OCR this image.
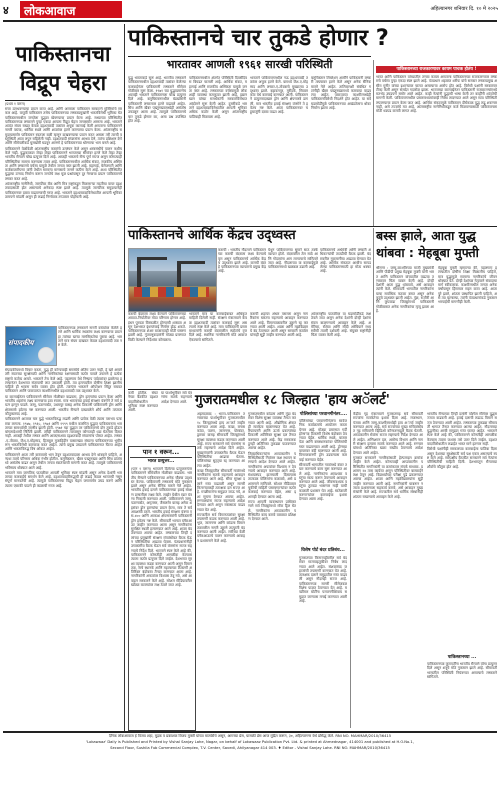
४ लोकआवाज	अहिल्यानगर शनिवार दि. १० मे २०२५
पाकिस्तानचा विद्रूप चेहरा
(प्रथम १ वरून)

सत्ता उलथवण्याचा प्रयत्न करत आहे. आणि अमराला पाकिस्तान सरकारने मुस्लिमांचे सरकार आहे. यापूर्वी पाकिस्तान तसेच पाकिस्तानच्या लष्करप्रमुखांनी भारतविरोधी भूमिका घेत पाकिस्तानमधील जनतेला युद्धात खेचण्याचा प्रयत्न केला आहे. सध्याच्या परिस्थितीत पाकिस्तानच्या लष्कराने पुन्हा एकदा आपला विद्रूप चेहरा जगासमोर आणला आहे. भारताने अत्यंत संयम राखत केवळ दहशतवादी तळांवर अचूक कारवाई केली असताना पाकिस्तानने नागरी वस्त्या, धार्मिक स्थळे आणि शाळांवर हल्ले करण्याचा प्रयत्न केला. आंतरराष्ट्रीय समुदायासमोर पाकिस्तान स्वतःला बळी म्हणून दाखवण्याचा प्रयत्न करत असला तरी त्याची वस्तुस्थिती आता लपून राहिलेली नाही. दहशतवादी संघटनांना आश्रय देणे, त्यांना प्रशिक्षण देणे आणि सीमेपलीकडे घुसखोरी घडवून आणणे हे पाकिस्तानच्या धोरणाचा भाग बनले आहे.

पाकिस्तानने वेळोवेळी आंतरराष्ट्रीय करारांचे उल्लंघन केले असून शस्त्रसंधीचे पालन कधीच केले नाही. युद्धकाळात जेव्हा जेव्हा पाकिस्तानने भारताच्या सीमांवर हल्ले केले तेव्हा तेव्हा भारतीय सैन्याने चोख प्रत्युत्तर दिले आहे. आजही भारताचे सैन्य पूर्ण सज्ज असून कोणत्याही परिस्थितीचा सामना करण्यास तयार आहे. पाकिस्तानमधील आर्थिक संकट, राजकीय अस्थिरता आणि लष्कराचे वर्चस्व यामुळे तेथील जनता त्रस्त झाली आहे. महागाई, बेरोजगारी आणि कर्जबाजारीपणा यांनी तेथील सामान्य माणसाचे जगणे कठीण केले आहे. अशा परिस्थितीत युद्धाचा उन्माद निर्माण करून जनतेचे लक्ष मूळ प्रश्नांपासून दूर नेण्याचा प्रयत्न पाकिस्तानचे लष्कर करत आहे.

आंतरराष्ट्रीय नाणेनिधी, जागतिक बँक आणि मित्र राष्ट्रांकडून मिळणाऱ्या मदतीचा वापर दहशतवादासाठी होत असल्याचे अनेकदा स्पष्ट झाले आहे. त्यामुळे जागतिक समुदायानेही पाकिस्तानवर दबाव वाढवण्याची गरज आहे. भारताने दहशतवादाविरोधातील आपली भूमिका ठामपणे मांडली असून ही लढाई निर्णायक टप्प्यावर पोहोचली आहे.

संपादकीय

पाकिस्तानच्या लष्कराने नागरी वस्त्यांवर केलेले हल्ले आणि धार्मिक स्थळांना लक्ष्य करण्याचा प्रयत्न हा त्यांच्या खऱ्या मानसिकतेचा पुरावा आहे. भारताने मात्र संयम दाखवत केवळ दहशतवादी तळ नष्ट केले.

संपादकीयमध्ये विचार करता, युद्ध ही कोणत्याही समस्येचे अंतिम उत्तर नाही, हे खरे असले तरी स्वतःच्या सुरक्षेसाठी आणि नागरिकांच्या रक्षणासाठी कठोर पावले उचलणे हे प्रत्येक राष्ट्राचे कर्तव्य असते. भारताने तेच केले आहे. पहलगाम येथे निष्पाप पर्यटकांवर झालेल्या हल्ल्यानंतर देशभरात संतापाची लाट उसळली होती. त्या हल्ल्यातील दोषींना शिक्षा झालीच पाहिजे ही भावना सर्वत्र व्यक्त होत होती. त्यानंतर भारताने ऑपरेशन सिंदूर राबवत पाकिस्तान आणि पाकव्याप्त काश्मीरमधील दहशतवादी तळ उद्ध्वस्त केले.

या कारवाईनंतर पाकिस्तानने सीमेवर गोळीबार वाढवला, ड्रोन हल्ल्यांचा प्रयत्न केला आणि भारतीय शहरांना लक्ष्य करण्याचा डाव रचला. मात्र भारताच्या हवाई संरक्षण यंत्रणेने ते सर्व प्रयत्न हाणून पाडले. जम्मू, पठाणकोट, उधमपूर यासह अनेक ठिकाणी पाकिस्तानी ड्रोन आणि क्षेपणास्त्रे हवेतच नष्ट करण्यात आली. भारतीय सैन्याने दाखवलेले शौर्य आणि तत्परता कौतुकास्पद आहे.

पाकिस्तानने आजवर चार युद्धे भारताविरुद्ध लढली आणि प्रत्येक वेळी त्याला पराभव पत्करावा लागला. १९४७, १९६५, १९७१ आणि १९९९ मधील कारगिल युद्धात पाकिस्तानला भारताच्या सामर्थ्याची जाणीव झाली होती. १९७१ च्या युद्धात तर पाकिस्तानचे दोन तुकडे होऊन बांगलादेशाची निर्मिती झाली. तरीही पाकिस्तानने त्यापासून कोणताही धडा घेतलेला दिसत नाही. आजही तेथील लष्कर आणि आयएसआय दहशतवादी संघटनांना पोसत आहेत. लष्कर-ए-तोयबा, जैश-ए-मोहम्मद, हिजबुल मुजाहिदीन यासारख्या संघटना पाकिस्तानच्या भूमीवरून भारतविरोधी कारवाया करत आहेत. त्यांचे प्रमुख उघडपणे पाकिस्तानात फिरत आहेत आणि भारताविरुद्ध विष ओकत आहेत.

पाकिस्तानने आता तरी वास्तवाचे भान ठेवून दहशतवादाला आश्रय देणे थांबवले पाहिजे, अन्यथा त्याचे परिणाम अधिक गंभीर होतील. बलुचिस्तान, खैबर पख्तूनख्वा आणि सिंध प्रांतांमध्ये असंतोष वाढत असून तेथील जनता स्वातंत्र्याची मागणी करत आहे. त्यामुळे पाकिस्तानचे भविष्यच धोक्यात आले आहे.

भारताने मात्र जागतिक पातळीवर आपली भूमिका स्पष्ट मांडली असून अनेक देशांनी भारताच्या कारवाईचे समर्थन केले आहे. दहशतवादाविरुद्धची ही लढाई केवळ भारताची नसून संपूर्ण मानवतेची आहे. त्यामुळे पाकिस्तानचा विद्रूप चेहरा जगासमोर उघड करणे आणि त्याला एकाकी पाडणे ही काळाची गरज आहे.

पाकिस्तानचे चार तुकडे होणार ?
भारतावर आणली १९६१ सारखी परिस्थिती

युद्ध भारताकडे सुरू आहे. भारतीय लष्कराने पाकिस्तानमधील दहशतवादी तळांवर केलेल्या कारवाईनंतर पाकिस्तानी लष्कराने सीमेवर गोळीबार सुरू केला. १९७१ च्या युद्धाप्रमाणेच आताही भारताने पाकिस्तानला चोख प्रत्युत्तर दिले आहे. बलुचिस्तानमधील बंडखोरांनी पाकिस्तानी लष्करावर हल्ले वाढवले आहेत. सिंध आणि खैबर पख्तूनख्वामध्येही असंतोष उफाळून आला आहे. त्यामुळे पाकिस्तानचे चार तुकडे होणार का, असा प्रश्न उपस्थित होत आहे.

पाकिस्तानमधील अंतर्गत परिस्थिती दिवसेंदिवस बिघडत चालली आहे. आर्थिक संकट, महागाई आणि राजकीय अस्थिरता यामुळे जनता त्रस्त आहे. लष्कराच्या वर्चस्वामुळे लोकशाही व्यवस्था कमकुवत झाली आहे. इम्रान खान यांच्या समर्थकांनी सरकारविरोधात आंदोलने सुरू केली आहेत. दुसरीकडे भारताने दहशतवादाविरोधातील आपली भूमिका अधिक कठोर केली असून आंतरराष्ट्रीय पाठिंबाही मिळवला आहे.

भारताने पाकिस्तानमधील नऊ दहशतवादी तळांवर अचूक हल्ले केले. यामध्ये जैश-ए-मोहम्मद आणि लष्कर-ए-तोयबाचे मुख्यालय उद्ध्वस्त झाले. बहावलपूर, मुरीदके, सियालकोट येथे कारवाई करण्यात आली. पाकिस्तानने प्रत्युत्तरादाखल ड्रोन आणि क्षेपणास्त्रे डागली, मात्र भारतीय हवाई संरक्षण यंत्रणेने ते हवेतच नष्ट केले. आता पाकिस्तानवर चहूबाजूंनी दबाव वाढत आहे.

बलुचिस्तान लिबरेशन आर्मीने पाकिस्तानी लष्करी ताफ्यावर हल्ले केले असून अनेक सैनिक मारले गेले आहेत. तालिबानशी संबंधित गटांनीही खैबर पख्तूनख्वामध्ये कारवाया वाढवल्या आहेत. पाकव्याप्त काश्मीरमध्येही पाकिस्तानविरोधी निदर्शने होत आहेत. या सर्व घडामोडींमुळे पाकिस्तानच्या अखंडतेलाच धोका निर्माण झाला आहे.

पाकिस्तानच्या राजकारणावर कायम पाचक होतंय !

भारत आणि पाकिस्तान यांच्यातील तणाव कायम असताना पाकिस्तानच्या राजकारणावर लष्कराचे वर्चस्व पुन्हा एकदा स्पष्ट झाले आहे. पंतप्रधान शहबाज शरीफ यांचे सरकार लष्करप्रमुख असीम मुनीर यांच्या इशाऱ्यावर चालत असल्याचा आरोप होत आहे. विरोधी पक्षांनी सरकारवर टीका केली असून संसदेत गदारोळ झाला. भारताच्या कारवाईनंतर पाकिस्तानी राजकारण्यांमध्ये मतभेद उघडपणे समोर आले आहेत. काही नेत्यांनी युद्धाची भाषा केली तर काहींनी शांततेची मागणी केली. पाकिस्तानमधील प्रसारमाध्यमांवरही निर्बंध लादण्यात आले असून सत्य परिस्थिती लपवण्याचा प्रयत्न केला जात आहे. आर्थिक संकटामुळे पाकिस्तान दीर्घकाळ युद्ध लढू शकणार नाही, असे तज्ज्ञांचे मत आहे. आंतरराष्ट्रीय नाणेनिधीकडून कर्ज मिळवण्यासाठी पाकिस्तानला मोठी धडपड करावी लागत आहे.

पाकिस्तानचे आर्थिक केंद्रच उद्ध्वस्त

कराची : भारतीय नौदलाने पाकिस्तानच्या कराची बंदराला लक्ष्य केल्याचे वृत्त असून पाकिस्तानचे आर्थिक केंद्रच उद्ध्वस्त झाले आहे. कराची बंदर हे पाकिस्तानच्या व्यापाराचे प्रमुख केंद्र आहे.

येथून पाकिस्तानचा सुमारे साठ टक्के व्यापार होतो. बंदरावरील तेल साठे आणि गोदामांना आग लागल्याचे सांगितले जात आहे. नौदलाच्या या कारवाईमुळे पाकिस्तानमध्ये खळबळ उडाली आहे.

पाकिस्तानचे अर्थमंत्री आणि लष्करी अधिकाऱ्यांची तातडीची बैठक झाली. बंदरावरील नुकसानीचा आढावा घेण्यात येत आहे. आर्थिक संकटात आधीच सापडलेल्या पाकिस्तानसाठी हा मोठा धक्का आहे.

कराची बंदराला लक्ष्य केल्याने पाकिस्तानच्या आयात-निर्यातीवर मोठा परिणाम होणार आहे. इंधन पुरवठा विस्कळीत होण्याची शक्यता असून देशभरात इंधनटंचाई निर्माण होऊ शकते. पाकिस्तानच्या शेअर बाजारातही मोठी घसरण झाली आहे. गुंतवणूकदारांनी मोठ्या प्रमाणात विक्री केल्याने निर्देशांक कोसळला.

भारताने मात्र या कारवाईबाबत अधिकृत माहिती दिलेली नाही. संरक्षण मंत्रालयाने केवळ दहशतवादी तळांवर कारवाई सुरू असल्याचे स्पष्ट केले आहे. मात्र पाकिस्तानी प्रसारमाध्यमांनी कराची बंदरावरील स्फोटांचे वृत्त दिले आहे. स्थानिक नागरिकांनी मोठे आवाज ऐकल्याचे सांगितले.

कराची शहरात अंधार पसरला असून नागरिकांना घरातच राहण्याचे आवाहन करण्यात आले आहे. विमानतळावरील उड्डाणे रद्द करण्यात आली आहेत. शाळा आणि महाविद्यालये बंद ठेवण्यात आली असून सरकारी कार्यालयांनाही सुट्टी जाहीर करण्यात आली आहे.

आंतरराष्ट्रीय पातळीवर या घडामोडींकडे लक्ष ठेवले जात असून अनेक देशांनी दोन्ही देशांना संयम बाळगण्याचे आवाहन केले आहे. अमेरिका, रशिया आणि सौदी अरेबियाने मध्यस्थीची तयारी दर्शवली आहे. संयुक्त राष्ट्रांनीही चिंता व्यक्त केली आहे.

बस्स झाले, आता युद्ध थांबवा : मेहबूबा मुफ्ती

श्रीनगर : जम्मू-काश्मीरच्या माजी मुख्यमंत्री आणि पीडीपी प्रमुख मेहबूबा मुफ्ती यांनी भारत आणि पाकिस्तान यांच्यातील वाढत्या तणावावर चिंता व्यक्त केली आहे. दोन्ही देशांनी आता युद्ध थांबवावे, असे आवाहन त्यांनी केले. सीमावर्ती भागातील नागरिकांना याचा सर्वाधिक फटका बसत असून अनेक कुटुंबे उद्ध्वस्त झाली आहेत. पूंछ, राजौरी आणि कुपवाडा जिल्ह्यांमध्ये पाकिस्तानी गोळीबारात अनेक नागरिकांचा मृत्यू झाला आहे.

मेहबूबा मुफ्ती म्हणाल्या की, पहलगाम हल्ल्यातील दोषींना शिक्षा मिळालीच पाहिजे, मात्र युद्धामुळे सामान्य नागरिकांचे जीवन धोक्यात येते. दोन्ही देशांच्या नेतृत्वाने संवादाचा मार्ग स्वीकारावा. काश्मीरमधील जनता अनेक वर्षांपासून हिंसाचार सहन करत आहे. आता पुरे झाले, शांतता प्रस्थापित झाली पाहिजे, असे त्या म्हणाल्या. त्यांनी पंतप्रधानांकडे नुकसानभरपाईची मागणीही केली.

गुजरातमधील १८ जिल्हात 'हाय अॅलर्ट'

कमी होतील. संघटनेच्या बैठकीत दहशतवादाविरोधातील भूमिका स्पष्ट करण्यात आली.

या पार्श्वभूमीवर सर्व यंत्रणांना सतर्क राहण्याचे आदेश देण्यात आले.

पान १ वरून...
भारत प्रत्युत्तर...

(पान १ वरून) भारताने दिलेल्या प्रत्युत्तरानंतर पाकिस्तानने सीमेवरील गोळीबार वाढवला. भारतीय सैन्याने पाकिस्तानच्या अनेक चौक्या उद्ध्वस्त केल्या. पाकिस्तानी लष्कराचे मोठे नुकसान झाले असून अनेक सैनिक मारले गेले आहेत. भारतीय हवाई दलाने पाकिस्तानच्या हवाई संरक्षण प्रणालीला लक्ष्य केले. लाहोर येथील रडार यंत्रणा निकामी करण्यात आली. पाकिस्तानने जम्मू, पठाणकोट, अमृतसर, जैसलमेर यासह अनेक शहरांवर ड्रोन हल्ल्यांचा प्रयत्न केला, मात्र ते सर्व अयशस्वी ठरले. भारतीय हवाई संरक्षण यंत्रणा एस-४०० आणि आकाश क्षेपणास्त्रांनी पाकिस्तानी ड्रोन हवेतच नष्ट केले. सीमावर्ती भागात ब्लॅकआउट जाहीर करण्यात आला असून नागरिकांना सुरक्षित स्थळी हलवण्यात आले आहे. शाळा बंद ठेवण्यात आल्या आहेत. लष्कराच्या तिन्ही दलांच्या प्रमुखांनी संरक्षण मंत्र्यांसोबत बैठक घेऊन परिस्थितीचा आढावा घेतला. पंतप्रधानांनीही उच्चस्तरीय बैठक घेऊन सर्व यंत्रणांना सज्ज राहण्याचे निर्देश दिले. भारताने स्पष्ट केले आहे की, पाकिस्तानने कोणतीही आगळीक केल्यास त्याला कठोर प्रत्युत्तर दिले जाईल. देशभरात सुरक्षा व्यवस्था कडक करण्यात आली असून विमानतळ, रेल्वे स्थानके आणि महत्त्वाच्या ठिकाणी अतिरिक्त बंदोबस्त तैनात करण्यात आला आहे. नागरिकांनी अफवांवर विश्वास ठेवू नये, असे आवाहन सरकारने केले आहे. सोशल मीडियावरील खोट्या बातम्यांवर लक्ष ठेवले जात आहे.

अहमदाबाद : भारत-पाकिस्तान तणावाच्या पार्श्वभूमीवर गुजरातमधील १८ जिल्ह्यांमध्ये हाय अॅलर्ट जाहीर करण्यात आला आहे. कच्छ, बनासकांठा, पाटण, जामनगर, पोरबंदर, द्वारका यासह सीमावर्ती जिल्ह्यांमध्ये सुरक्षा व्यवस्था कडक करण्यात आली आहे. राज्य सरकारने सर्व यंत्रणांना सतर्क राहण्याचे आदेश दिले आहेत. मुख्यमंत्र्यांनी उच्चस्तरीय बैठक घेऊन परिस्थितीचा आढावा घेतला. पोलिसांच्या सुट्ट्या रद्द करण्यात आल्या आहेत.

कच्छ जिल्ह्यातील सीमावर्ती गावांमध्ये नागरिकांना सतर्क राहण्याचे आवाहन करण्यात आले आहे. सीमा सुरक्षा दलाने गस्त वाढवली असून सागरी किनाऱ्यावरही तटरक्षक दल सज्ज आहे. मच्छीमारांना समुद्रात जाऊ नये, अशा सूचना देण्यात आल्या आहेत. रुग्णालयांना सज्ज राहण्याचे आदेश देण्यात आले असून रक्तसाठा वाढवण्यात येत आहे.

राज्यातील सर्व विमानतळांवर सुरक्षा तपासणी कडक करण्यात आली आहे. भुज, जामनगर आणि कांडला विमानतळावरील नागरी उड्डाणे तात्पुरती बंद करण्यात आली आहेत. रात्रीच्या वेळी ब्लॅकआउटचे पालन करण्याचे आवाहन प्रशासनाने केले आहे.

गुजरातमधील कांडला आणि मुंद्रा बंदरांवर विशेष सुरक्षा व्यवस्था तैनात करण्यात आली आहे. औद्योगिक क्षेत्रातही सतर्कता बाळगण्यात येत आहे. रिफायनरी आणि ऊर्जा प्रकल्पांच्या ठिकाणी अतिरिक्त सुरक्षा दल तैनात करण्यात आले आहे. केंद्र सरकारकडूनही अतिरिक्त तुकड्या पाठवण्यात आल्या आहेत.

जिल्हाधिकाऱ्यांना आपत्कालीन परिस्थितीसाठी नियंत्रण कक्ष स्थापन करण्याचे आदेश देण्यात आले आहेत. नागरिकांना अफवांवर विश्वास न ठेवण्याचे आवाहन करण्यात आले आहे. संशयास्पद हालचाली दिसल्यास तात्काळ पोलिसांना कळवावे, असे प्रशासनाने सांगितले. सोशल मीडियावर चुकीची माहिती पसरवणाऱ्यांवर कठोर कारवाई करण्यात येईल, असा इशाराही देण्यात आला आहे.

राज्य आपत्ती व्यवस्थापन प्राधिकरणाने सर्व जिल्ह्यांमध्ये मॉक ड्रिल घेतले. नागरिकांना आपत्कालीन परिस्थितीत काय करावे याबाबत प्रशिक्षण देण्यात आले.

पोलिसांच्या परवानगीनंतर....

पोलिसांच्या परवानगीनंतरच सार्वजनिक कार्यक्रमांचे आयोजन करता येणार आहे. मोठ्या प्रमाणात गर्दी होणाऱ्या ठिकाणी विशेष बंदोबस्त ठेवण्यात येईल. धार्मिक स्थळे, बाजारपेठा आणि बसस्थानकांवर पोलिसांची गस्त वाढवण्यात आली आहे. ड्रोनच्या वापरावर बंदी घालण्यात आली आहे. विनापरवानगी ड्रोन उडवल्यास कारवाई करण्यात येईल.

सीमावर्ती भागातील गावांमध्ये बंकर तयार करण्याचे काम सुरू करण्यात आले आहे. नागरिकांना आवश्यक वस्तूंचा साठा करून ठेवण्याचे आवाहन करण्यात आले आहे. जीवनावश्यक वस्तूंचा तुटवडा भासणार नाही याची काळजी प्रशासन घेत आहे. साठेबाजी करणाऱ्यांवर कारवाईचा इशारा देण्यात आला आहे.

विशेष पोर्ट बंदर प्रतिबंध...

गुजरातच्या किनारपट्टीवरील सर्व बंदरांवर मालवाहतुकीवर निर्बंध लादण्यात आले आहेत. संशयास्पद जहाजांची तपासणी करण्यात येत आहे. तटरक्षक दलाने समुद्रातील गस्त वाढवली असून नौदलही सज्ज आहे. पाकिस्तानच्या सागरी सीमेजवळ विशेष पाळत ठेवण्यात येत आहे. मच्छीमार बोटींना परवानगीशिवाय समुद्रात जाण्यास मनाई करण्यात आली आहे.

केंद्रीय गृह मंत्रालयाने गुजरातसह सर्व सीमावर्ती राज्यांना सतर्कतेचा इशारा दिला आहे. राजस्थान, पंजाब आणि जम्मू-काश्मीरमध्येही हाय अॅलर्ट जाहीर करण्यात आला आहे. सर्व राज्यांच्या मुख्य सचिवांसोबत गृह सचिवांनी व्हिडिओ कॉन्फरन्सद्वारे बैठक घेतली. आपत्कालीन सेवांना सज्ज राहण्याचे निर्देश देण्यात आले आहेत. अग्निशमन दल, आरोग्य विभाग आणि नागरी संरक्षण दलाला सतर्क करण्यात आले आहे. रुग्णालयांमध्ये अतिरिक्त खाटा राखीव ठेवण्याचे आदेश देण्यात आले आहेत.

गुजरात सरकारने नागरिकांसाठी हेल्पलाइन क्रमांक जाहीर केले आहेत. कोणत्याही आपत्कालीन परिस्थितीत नागरिकांनी या क्रमांकावर संपर्क साधावा. प्रशासन २४ तास कार्यरत असून परिस्थितीवर बारकाईने लक्ष ठेवून आहे. विद्यार्थ्यांच्या परीक्षा पुढे ढकलण्यात आल्या आहेत. शाळा आणि महाविद्यालयांना सुट्टी जाहीर करण्यात आली आहे. नागरिकांनी घाबरून न जाता प्रशासनाला सहकार्य करावे, असे आवाहन मुख्यमंत्र्यांनी केले आहे. राज्यातील सर्व धार्मिक संस्थांनीही शांतता राखण्याचे आवाहन केले आहे.

भारतीय सैन्याच्या तिन्ही दलांनी पश्चिम सीमेवर युद्धसज्जता वाढवली आहे. हवाई दलाची लढाऊ विमाने सज्ज ठेवण्यात आली आहेत. लष्कराच्या तुकड्या सीमावर्ती भागात तैनात करण्यात आल्या आहेत. नौदलाच्या युद्धनौका अरबी समुद्रात गस्त घालत आहेत. भारताने स्पष्ट केले आहे की, पाकिस्तानने कोणतीही आगळीक केल्यास त्याला जशास तसे उत्तर दिले जाईल. दहशतवादाविरोधातील लढाईत भारत मागे हटणार नाही.

विरोधी पक्षांनीही सरकारच्या कारवाईला पाठिंबा दिला असून देशाच्या सुरक्षेसाठी सर्व पक्ष एकत्र असल्याचे स्पष्ट केले आहे. सर्वपक्षीय बैठकीत सरकारने सर्व नेत्यांना परिस्थितीची माहिती दिली. देशभरातून सैन्याच्या शौर्याचे कौतुक होत आहे.

पाकिस्तानच्या ...

पाकिस्तानच्या कुरापतींना भारतीय सैन्याने योग्य प्रत्युत्तर दिले असून शत्रूचे मोठे नुकसान झाले आहे. सीमावर्ती भागातील परिस्थिती नियंत्रणात असल्याचे लष्कराने सांगितले.

दैनिक लोकआवाज हे विजय शहा, मुद्रक व प्रकाशक विजय मुफ्ती यांच्या मालकीचे असून, आमच्या प्रेस, यासाठी प्रेस आज मुद्रित करून, ३०, अहिल्यानगर येथे प्रसिद्ध केले. RNI NO. MAHMAR/2010/36415
'Lokawaaz' Daily is Published and Printed by Vishal Sanjay Lahe, Nagar, on behalf of Lokawaaz Publication Pvt. Ltd. & printed at Ahmednagar, 414001 and published at H.O.No.1,
Second Floor, Sushila Fub Commercial Complex, T.V. Center, Savedi, Ahilyanagar 414 003. ♦ Editor - Vishal Sanjay Lahe. RNI NO. MAHMAR/2010/36415
